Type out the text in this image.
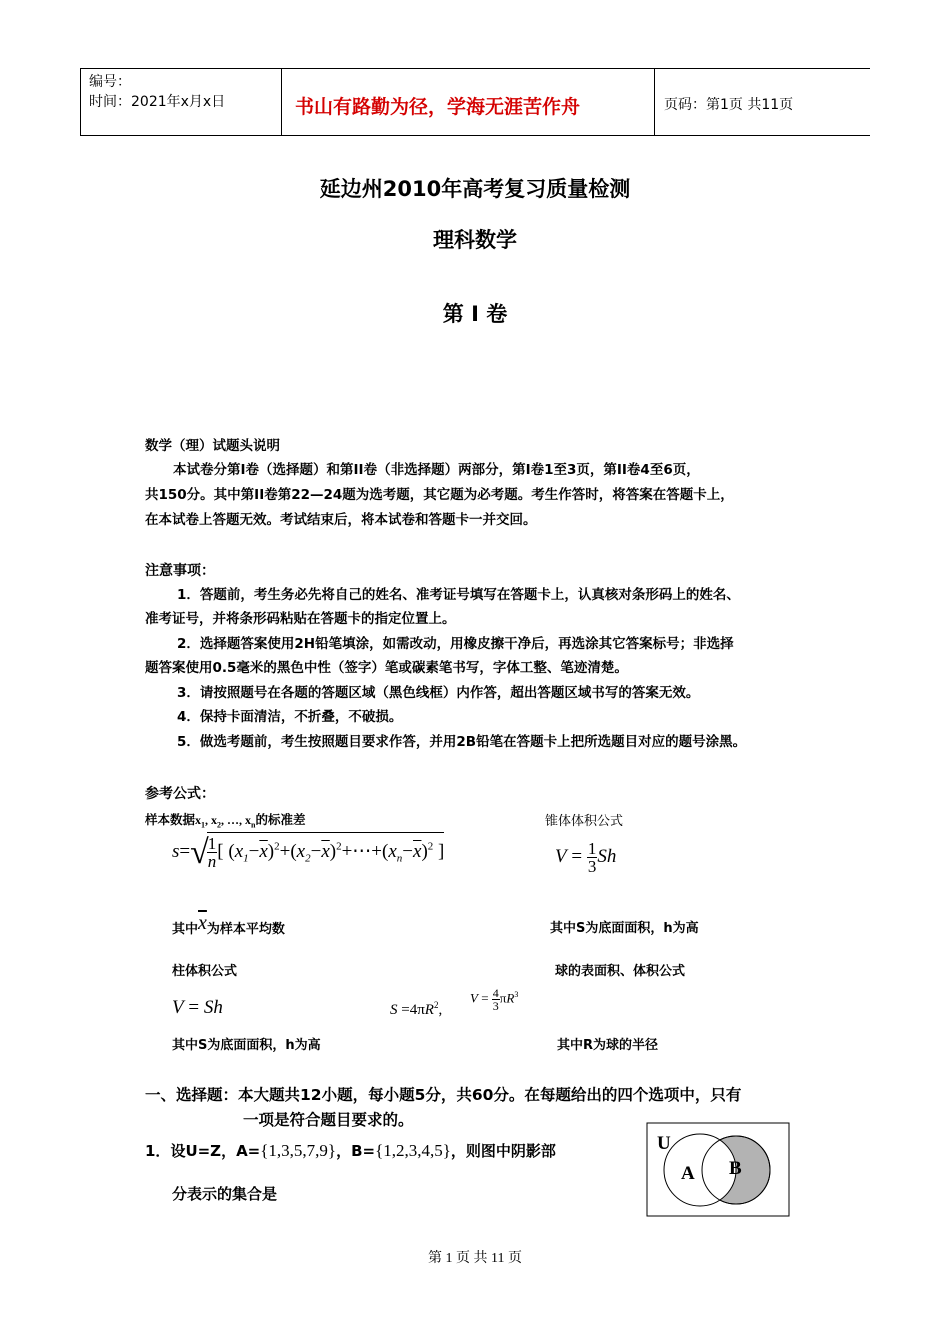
编号：
时间：2021年x月x日	书山有路勤为径，学海无涯苦作舟	页码：第1页 共11页
延边州2010年高考复习质量检测
理科数学
第 I 卷
数学（理）试题头说明
本试卷分第I卷（选择题）和第II卷（非选择题）两部分，第I卷1至3页，第II卷4至6页，
共150分。其中第II卷第22—24题为选考题，其它题为必考题。考生作答时，将答案在答题卡上，
在本试卷上答题无效。考试结束后，将本试卷和答题卡一并交回。
注意事项：
1．答题前，考生务必先将自己的姓名、准考证号填写在答题卡上，认真核对条形码上的姓名、
准考证号，并将条形码粘贴在答题卡的指定位置上。
2．选择题答案使用2H铅笔填涂，如需改动，用橡皮擦干净后，再选涂其它答案标号；非选择
题答案使用0.5毫米的黑色中性（签字）笔或碳素笔书写，字体工整、笔迹清楚。
3．请按照题号在各题的答题区域（黑色线框）内作答，超出答题区域书写的答案无效。
4．保持卡面清洁，不折叠，不破损。
5．做选考题前，考生按照题目要求作答，并用2B铅笔在答题卡上把所选题目对应的题号涂黑。
参考公式：
样本数据$x_1$, $x_2$, …, $x_n$的标准差	锥体体积公式
s=√
$\frac{1}{n}$ [ $(x_1-\overline{x})^2+(x_2-\overline{x})^2+\cdots+(x_n-\overline{x})^2$ ]	$V = \frac{1}{3}$ Sh
其中$\overline{x}$为样本平均数	其中S为底面面积，h为高
柱体积公式	球的表面积、体积公式
V = Sh	$S =4\pi R^2$,
$V = \frac{4}{3} \pi R^3$
其中S为底面面积，h为高	其中R为球的半径
一、选择题：本大题共12小题，每小题5分，共60分。在每题给出的四个选项中，只有
一项是符合题目要求的。
1．设U=Z，A={1,3,5,7,9}，B={1,2,3,4,5}，则图中阴影部
分表示的集合是
U
A B
第 1 页 共 11 页
